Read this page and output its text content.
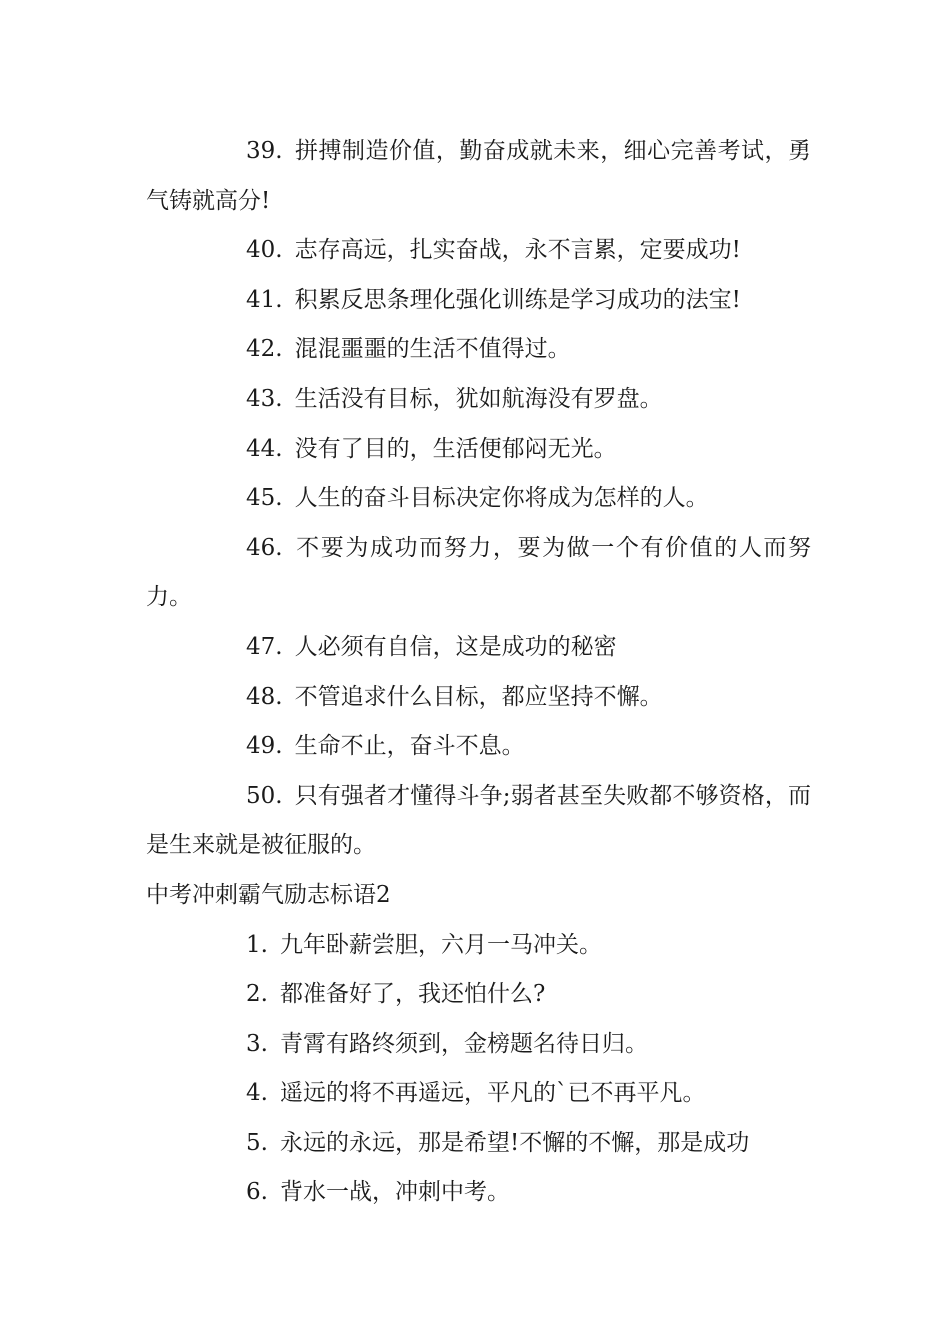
39. 拼搏制造价值，勤奋成就未来，细心完善考试，勇气铸就高分!

40. 志存高远，扎实奋战，永不言累，定要成功!

41. 积累反思条理化强化训练是学习成功的法宝!

42. 混混噩噩的生活不值得过。

43. 生活没有目标，犹如航海没有罗盘。

44. 没有了目的，生活便郁闷无光。

45. 人生的奋斗目标决定你将成为怎样的人。

46. 不要为成功而努力，要为做一个有价值的人而努力。

47. 人必须有自信，这是成功的秘密

48. 不管追求什么目标，都应坚持不懈。

49. 生命不止，奋斗不息。

50. 只有强者才懂得斗争;弱者甚至失败都不够资格，而是生来就是被征服的。

中考冲刺霸气励志标语2

1. 九年卧薪尝胆，六月一马冲关。

2. 都准备好了，我还怕什么?

3. 青霄有路终须到，金榜题名待日归。

4. 遥远的将不再遥远，平凡的`已不再平凡。

5. 永远的永远，那是希望!不懈的不懈，那是成功

6. 背水一战，冲刺中考。
